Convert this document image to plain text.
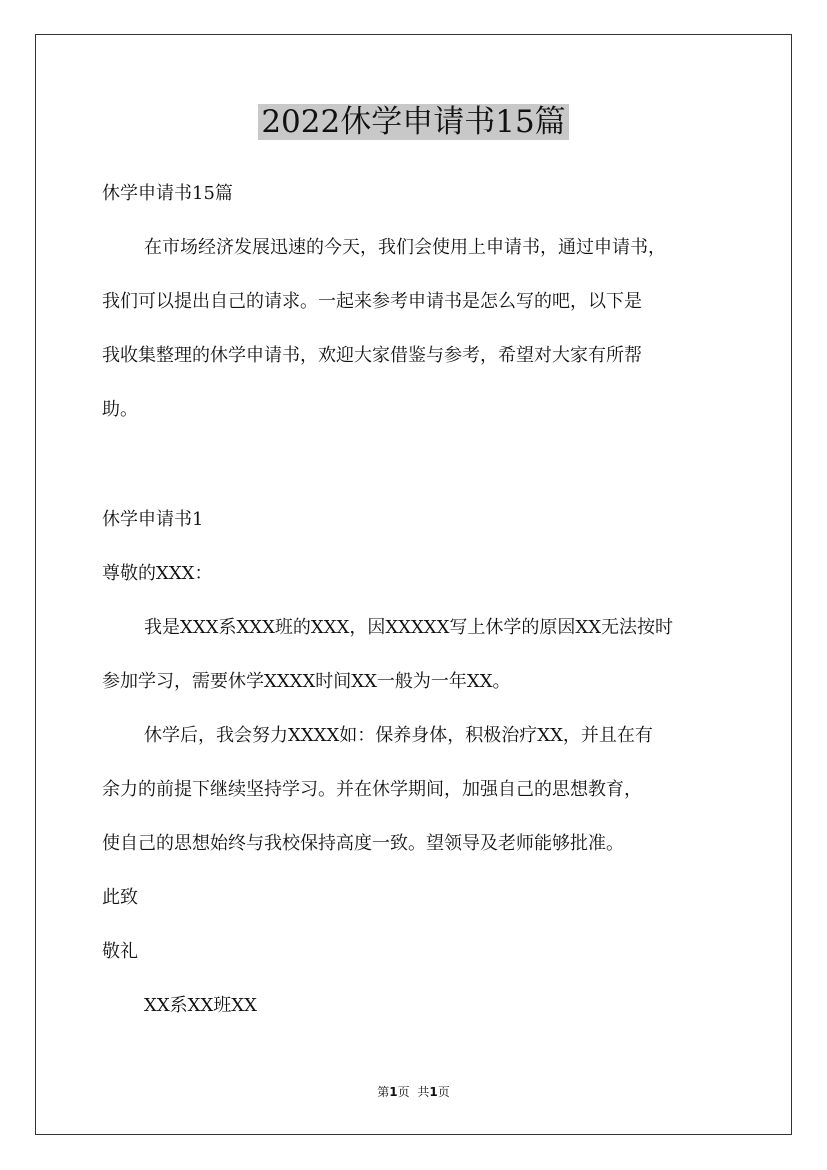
2022休学申请书15篇

休学申请书15篇

在市场经济发展迅速的今天，我们会使用上申请书，通过申请书，

我们可以提出自己的请求。一起来参考申请书是怎么写的吧，以下是

我收集整理的休学申请书，欢迎大家借鉴与参考，希望对大家有所帮

助。

休学申请书1

尊敬的XXX：

我是XXX系XXX班的XXX，因XXXXX写上休学的原因XX无法按时

参加学习，需要休学XXXX时间XX一般为一年XX。

休学后，我会努力XXXX如：保养身体，积极治疗XX，并且在有

余力的前提下继续坚持学习。并在休学期间，加强自己的思想教育，

使自己的思想始终与我校保持高度一致。望领导及老师能够批准。

此致

敬礼

XX系XX班XX

第1页 共1页
